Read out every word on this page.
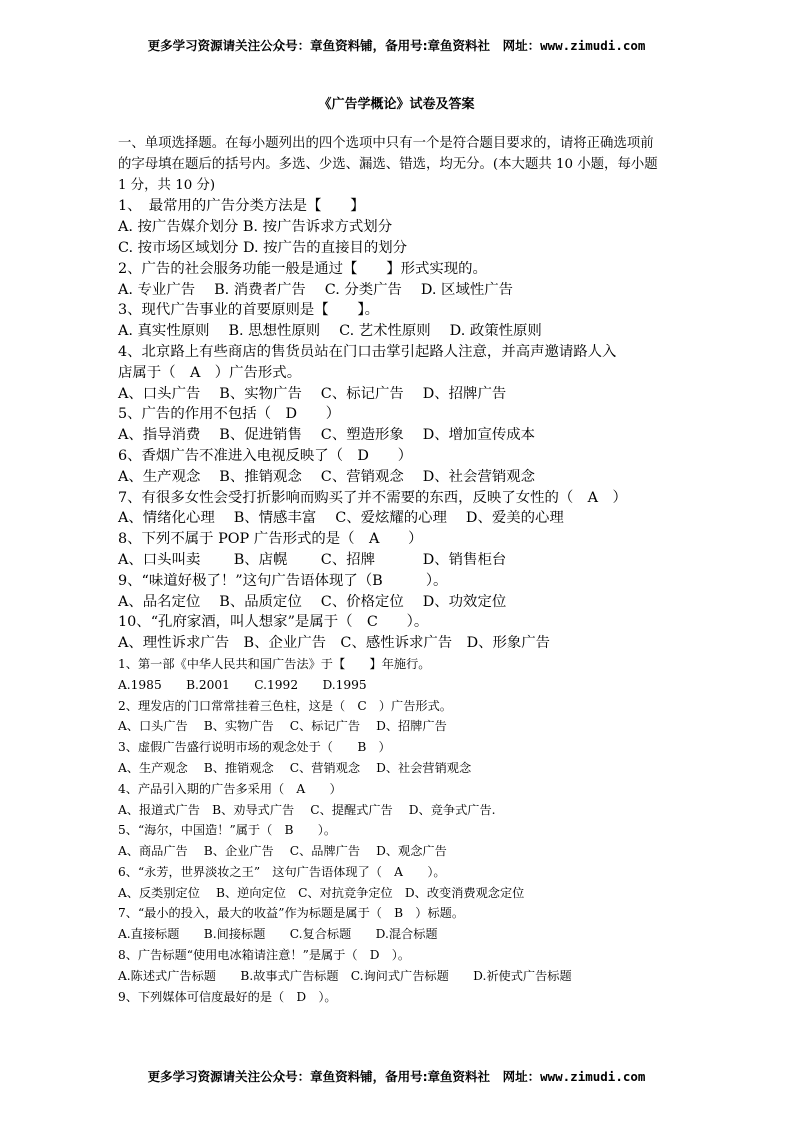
更多学习资源请关注公众号：章鱼资料铺，备用号:章鱼资料社　网址：www.zimudi.com
《广告学概论》试卷及答案
一、单项选择题。在每小题列出的四个选项中只有一个是符合题目要求的，请将正确选项前
的字母填在题后的括号内。多选、少选、漏选、错选，均无分。(本大题共 10 小题，每小题
1 分，共 10 分)
1、　最常用的广告分类方法是【　　】
A. 按广告媒介划分 B. 按广告诉求方式划分
C. 按市场区域划分 D. 按广告的直接目的划分
2、广告的社会服务功能一般是通过【　　】形式实现的。
A. 专业广告　 B. 消费者广告　 C. 分类广告　 D. 区域性广告
3、现代广告事业的首要原则是【　　】。
A. 真实性原则　 B. 思想性原则　 C. 艺术性原则　 D. 政策性原则
4、北京路上有些商店的售货员站在门口击掌引起路人注意，并高声邀请路人入
店属于（　A　）广告形式。
A、口头广告　 B、实物广告　 C、标记广告　 D、招牌广告
5、广告的作用不包括（　D　　）
A、指导消费　 B、促进销售　 C、塑造形象　 D、增加宣传成本
6、香烟广告不准进入电视反映了（　D　　）
A、生产观念　 B、推销观念　 C、营销观念　 D、社会营销观念
7、有很多女性会受打折影响而购买了并不需要的东西，反映了女性的（　A　）
A、情绪化心理　 B、情感丰富　 C、爱炫耀的心理　 D、爱美的心理
8、下列不属于 POP 广告形式的是（　A　　）
A、口头叫卖　　 B、店幌　　 C、招牌　　　 D、销售柜台
9、“味道好极了！”这句广告语体现了（B　　　）。
A、品名定位　 B、品质定位　 C、价格定位　 D、功效定位
10、“孔府家酒，叫人想家”是属于（　C　　）。
A、理性诉求广告　B、企业广告　C、感性诉求广告　D、形象广告
1、第一部《中华人民共和国广告法》于【　　】年施行。
A.1985　　B.2001　　C.1992　　D.1995
2、理发店的门口常常挂着三色柱，这是（　C　）广告形式。
A、口头广告　 B、实物广告　 C、标记广告　 D、招牌广告
3、虚假广告盛行说明市场的观念处于（　　B　）
A、生产观念　 B、推销观念　 C、营销观念　 D、社会营销观念
4、产品引入期的广告多采用（　A　　）
A、报道式广告　B、劝导式广告　 C、提醒式广告　 D、竞争式广告.
5、“海尔，中国造！”属于（　B　　）。
A、商品广告　 B、企业广告　 C、品牌广告　 D、观念广告
6、“永芳，世界淡妆之王”　这句广告语体现了（　A　　）。
A、反类别定位　 B、逆向定位　C、对抗竞争定位　D、改变消费观念定位
7、“最小的投入，最大的收益”作为标题是属于（　B　）标题。
A.直接标题　　B.间接标题　　C.复合标题　　D.混合标题
8、广告标题“使用电冰箱请注意！”是属于（　D　）。
A.陈述式广告标题　　B.故事式广告标题　C.询问式广告标题　　D.祈使式广告标题
9、下列媒体可信度最好的是（　D　）。
更多学习资源请关注公众号：章鱼资料铺，备用号:章鱼资料社　网址：www.zimudi.com
